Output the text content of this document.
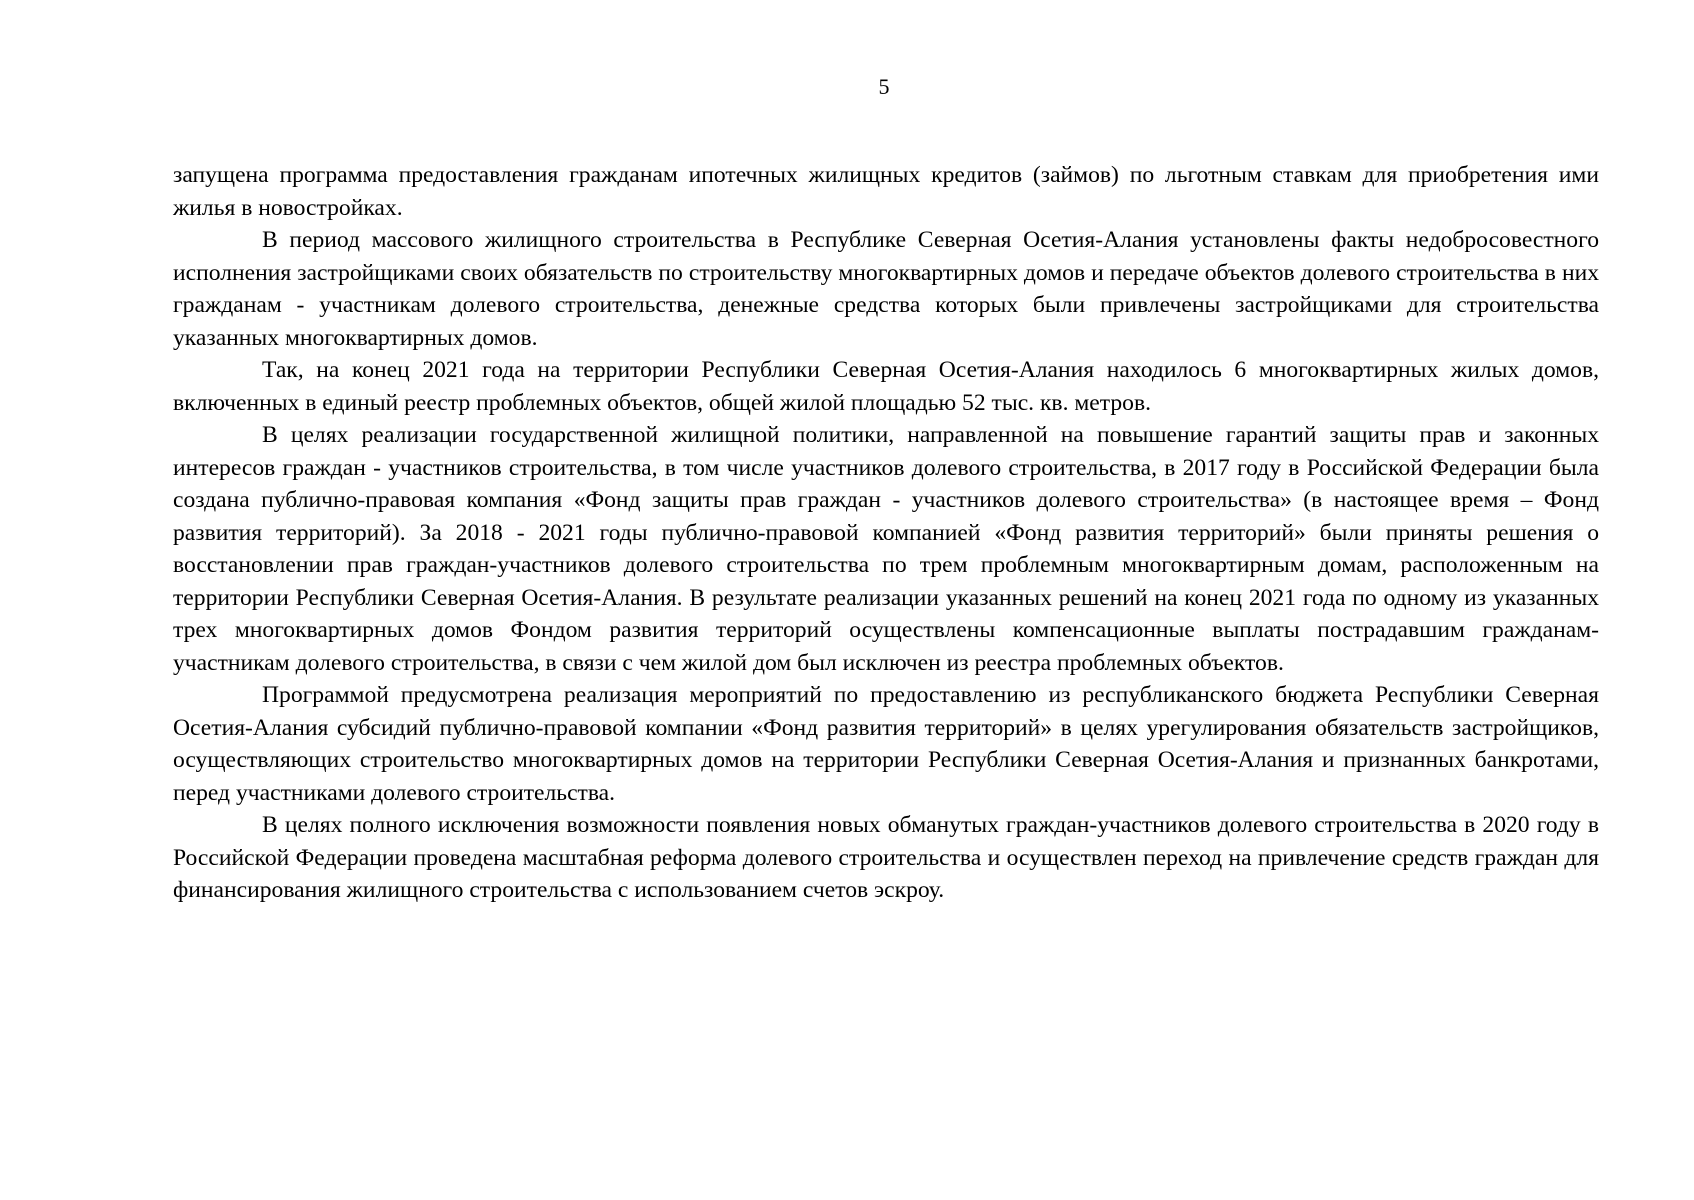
5

запущена программа предоставления гражданам ипотечных жилищных кредитов (займов) по льготным ставкам для приобретения ими жилья в новостройках.

В период массового жилищного строительства в Республике Северная Осетия-Алания установлены факты недобросовестного исполнения застройщиками своих обязательств по строительству многоквартирных домов и передаче объектов долевого строительства в них гражданам - участникам долевого строительства, денежные средства которых были привлечены застройщиками для строительства указанных многоквартирных домов.

Так, на конец 2021 года на территории Республики Северная Осетия-Алания находилось 6 многоквартирных жилых домов, включенных в единый реестр проблемных объектов, общей жилой площадью 52 тыс. кв. метров.

В целях реализации государственной жилищной политики, направленной на повышение гарантий защиты прав и законных интересов граждан - участников строительства, в том числе участников долевого строительства, в 2017 году в Российской Федерации была создана публично-правовая компания «Фонд защиты прав граждан - участников долевого строительства» (в настоящее время – Фонд развития территорий). За 2018 - 2021 годы публично-правовой компанией «Фонд развития территорий» были приняты решения о восстановлении прав граждан-участников долевого строительства по трем проблемным многоквартирным домам, расположенным на территории Республики Северная Осетия-Алания. В результате реализации указанных решений на конец 2021 года по одному из указанных трех многоквартирных домов Фондом развития территорий осуществлены компенсационные выплаты пострадавшим гражданам-участникам долевого строительства, в связи с чем жилой дом был исключен из реестра проблемных объектов.

Программой предусмотрена реализация мероприятий по предоставлению из республиканского бюджета Республики Северная Осетия-Алания субсидий публично-правовой компании «Фонд развития территорий» в целях урегулирования обязательств застройщиков, осуществляющих строительство многоквартирных домов на территории Республики Северная Осетия-Алания и признанных банкротами, перед участниками долевого строительства.

В целях полного исключения возможности появления новых обманутых граждан-участников долевого строительства в 2020 году в Российской Федерации проведена масштабная реформа долевого строительства и осуществлен переход на привлечение средств граждан для финансирования жилищного строительства с использованием счетов эскроу.
